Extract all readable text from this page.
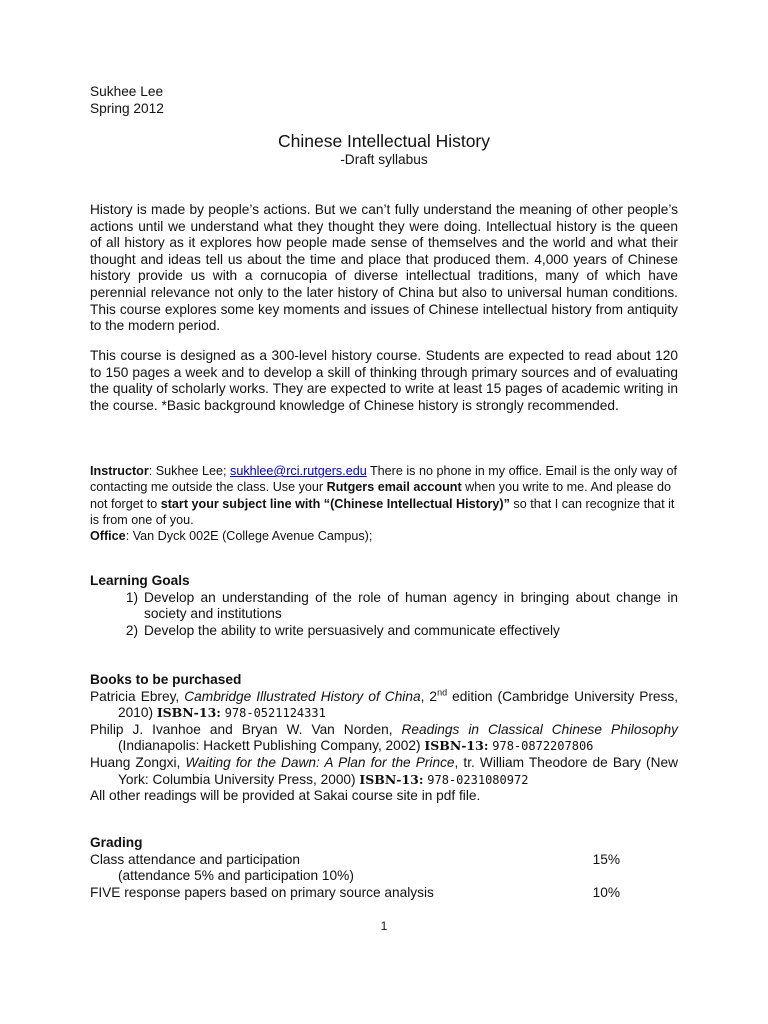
Sukhee Lee
Spring 2012
Chinese Intellectual History
-Draft syllabus
History is made by people’s actions. But we can’t fully understand the meaning of other people’s actions until we understand what they thought they were doing. Intellectual history is the queen of all history as it explores how people made sense of themselves and the world and what their thought and ideas tell us about the time and place that produced them. 4,000 years of Chinese history provide us with a cornucopia of diverse intellectual traditions, many of which have perennial relevance not only to the later history of China but also to universal human conditions. This course explores some key moments and issues of Chinese intellectual history from antiquity to the modern period.
This course is designed as a 300-level history course. Students are expected to read about 120 to 150 pages a week and to develop a skill of thinking through primary sources and of evaluating the quality of scholarly works. They are expected to write at least 15 pages of academic writing in the course. *Basic background knowledge of Chinese history is strongly recommended.
Instructor: Sukhee Lee; sukhlee@rci.rutgers.edu There is no phone in my office. Email is the only way of contacting me outside the class. Use your Rutgers email account when you write to me. And please do not forget to start your subject line with “(Chinese Intellectual History)” so that I can recognize that it is from one of you.
Office: Van Dyck 002E (College Avenue Campus);
Learning Goals
1) Develop an understanding of the role of human agency in bringing about change in society and institutions
2) Develop the ability to write persuasively and communicate effectively
Books to be purchased
Patricia Ebrey, Cambridge Illustrated History of China, 2nd edition (Cambridge University Press, 2010) ISBN-13: 978-0521124331
Philip J. Ivanhoe and Bryan W. Van Norden, Readings in Classical Chinese Philosophy (Indianapolis: Hackett Publishing Company, 2002) ISBN-13: 978-0872207806
Huang Zongxi, Waiting for the Dawn: A Plan for the Prince, tr. William Theodore de Bary (New York: Columbia University Press, 2000) ISBN-13: 978-0231080972
All other readings will be provided at Sakai course site in pdf file.
Grading
Class attendance and participation	15%
(attendance 5% and participation 10%)
FIVE response papers based on primary source analysis	10%
1
